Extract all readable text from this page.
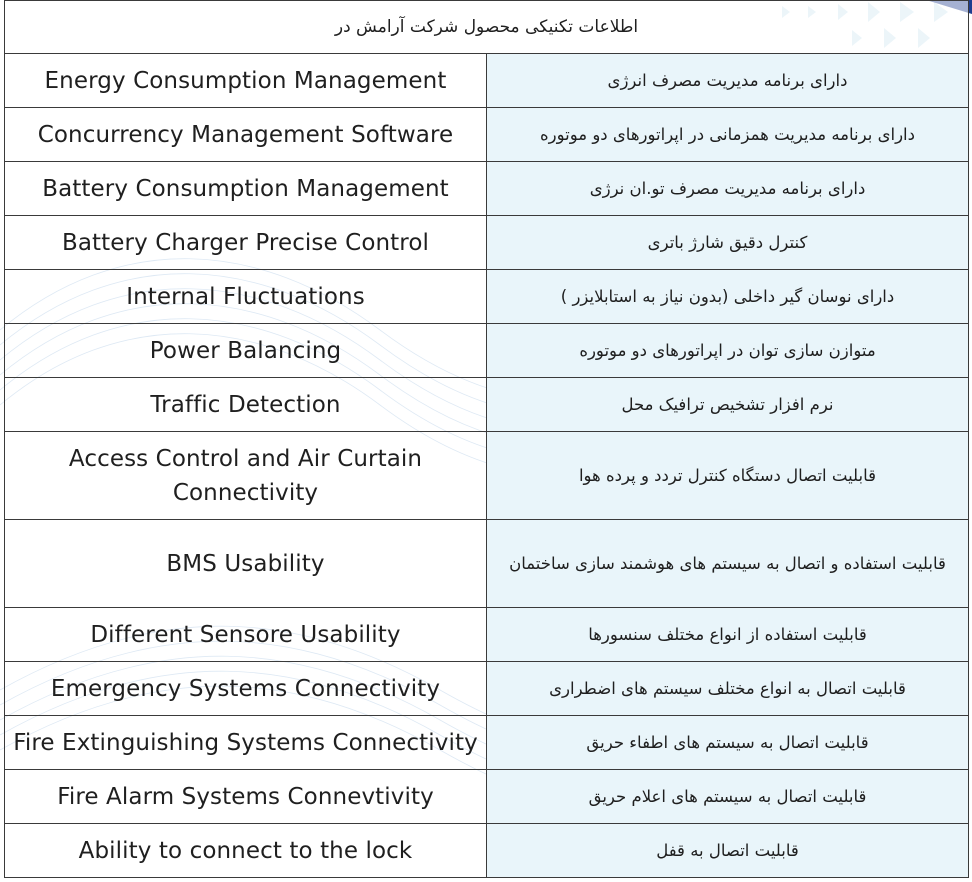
اطلاعات تکنیکی محصول شرکت آرامش در	
Energy Consumption Management	دارای برنامه مدیریت مصرف انرژی
Concurrency Management Software	دارای برنامه مدیریت همزمانی در اپراتورهای دو موتوره
Battery Consumption Management	دارای برنامه مدیریت مصرف تو.ان نرژی
Battery Charger Precise Control	کنترل دقیق شارژ باتری
Internal Fluctuations	دارای نوسان گیر داخلی (بدون نیاز به استابلایزر )
Power Balancing	متوازن سازی توان در اپراتورهای دو موتوره
Traffic Detection	نرم افزار تشخیص ترافیک محل
Access Control and Air Curtain Connectivity	قابلیت اتصال دستگاه کنترل تردد و پرده هوا
BMS Usability	قابلیت استفاده و اتصال به سیستم های هوشمند سازی ساختمان
Different Sensore Usability	قابلیت استفاده از انواع مختلف سنسورها
Emergency Systems Connectivity	قابلیت اتصال به انواع مختلف سیستم های اضطراری
Fire Extinguishing Systems Connectivity	قابلیت اتصال به سیستم های اطفاء حریق
Fire Alarm Systems Connevtivity	قابلیت اتصال به سیستم های اعلام حریق
Ability to connect to the lock	قابلیت اتصال به قفل
